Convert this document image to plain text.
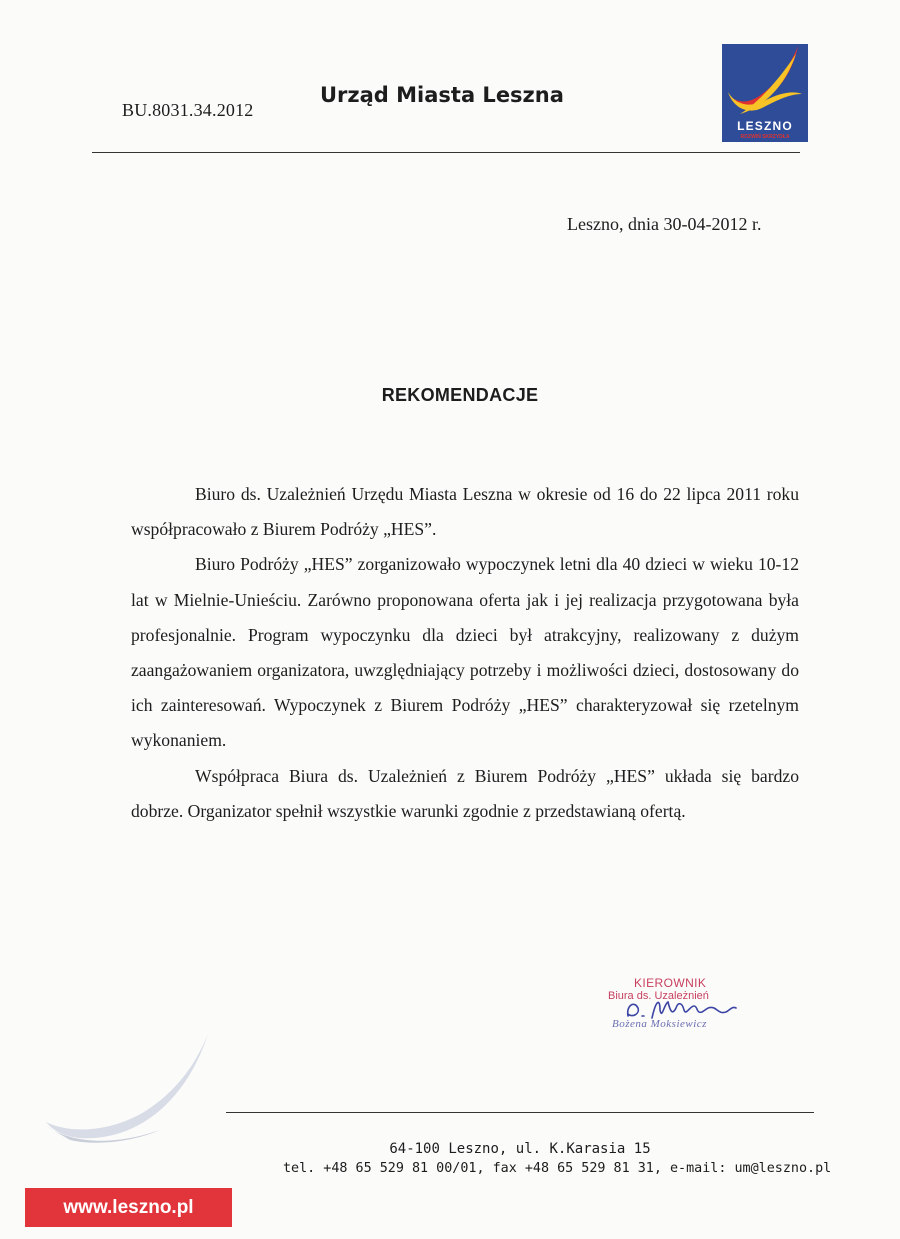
BU.8031.34.2012
Urząd Miasta Leszna
LESZNO
ROZWIŃ SKRZYDŁA
Leszno, dnia 30-04-2012 r.
REKOMENDACJE

Biuro ds. Uzależnień Urzędu Miasta Leszna w okresie od 16 do 22 lipca 2011 roku współpracowało z Biurem Podróży „HES”.

Biuro Podróży „HES” zorganizowało wypoczynek letni dla 40 dzieci w wieku 10-12 lat w Mielnie-Unieściu. Zarówno proponowana oferta jak i jej realizacja przygotowana była profesjonalnie. Program wypoczynku dla dzieci był atrakcyjny, realizowany z dużym zaangażowaniem organizatora, uwzględniający potrzeby i możliwości dzieci, dostosowany do ich zainteresowań. Wypoczynek z Biurem Podróży „HES” charakteryzował się rzetelnym wykonaniem.

Współpraca Biura ds. Uzależnień z Biurem Podróży „HES” układa się bardzo dobrze. Organizator spełnił wszystkie warunki zgodnie z przedstawianą ofertą.

KIEROWNIK
Biura ds. Uzależnień
Bożena Moksiewicz
64-100 Leszno, ul. K.Karasia 15
tel. +48 65 529 81 00/01, fax +48 65 529 81 31, e-mail: um@leszno.pl
www.leszno.pl
